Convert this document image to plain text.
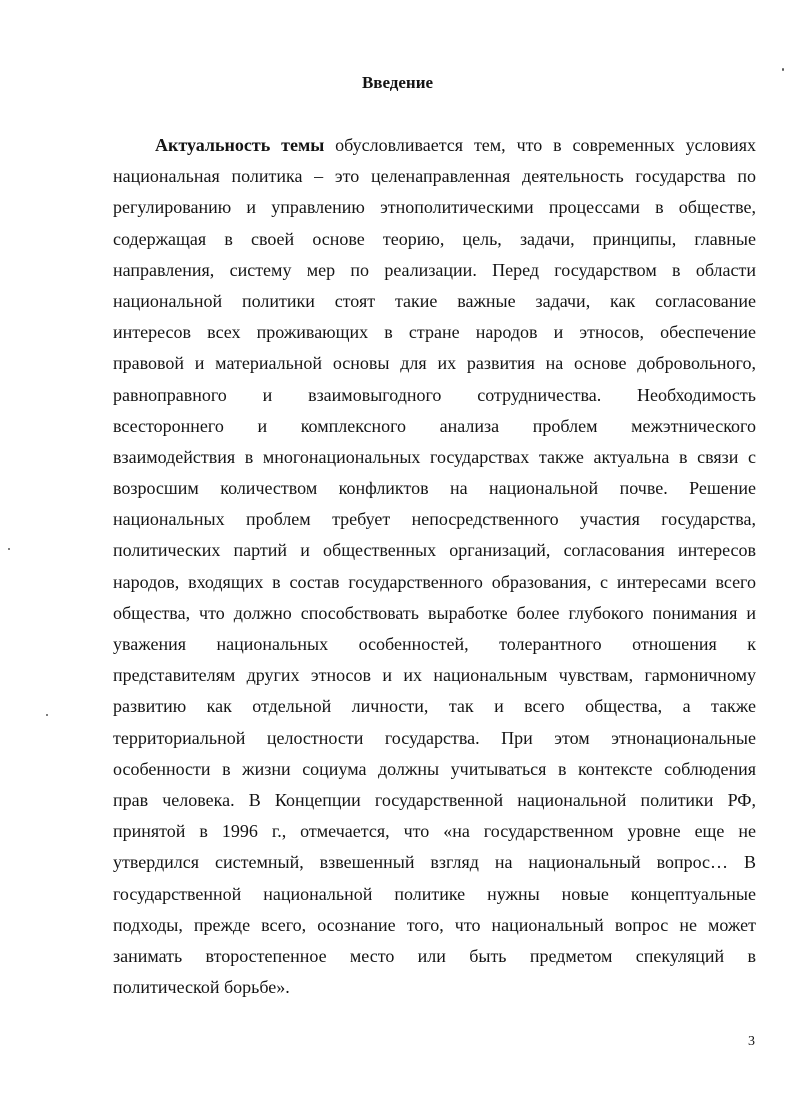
Введение
Актуальность темы обусловливается тем, что в современных условиях
национальная политика – это целенаправленная деятельность государства по
регулированию и управлению этнополитическими процессами в обществе,
содержащая в своей основе теорию, цель, задачи, принципы, главные
направления, систему мер по реализации. Перед государством в области
национальной политики стоят такие важные задачи, как согласование
интересов всех проживающих в стране народов и этносов, обеспечение
правовой и материальной основы для их развития на основе добровольного,
равноправного и взаимовыгодного сотрудничества. Необходимость
всестороннего и комплексного анализа проблем межэтнического
взаимодействия в многонациональных государствах также актуальна в связи с
возросшим количеством конфликтов на национальной почве. Решение
национальных проблем требует непосредственного участия государства,
политических партий и общественных организаций, согласования интересов
народов, входящих в состав государственного образования, с интересами всего
общества, что должно способствовать выработке более глубокого понимания и
уважения национальных особенностей, толерантного отношения к
представителям других этносов и их национальным чувствам, гармоничному
развитию как отдельной личности, так и всего общества, а также
территориальной целостности государства. При этом этнонациональные
особенности в жизни социума должны учитываться в контексте соблюдения
прав человека. В Концепции государственной национальной политики РФ,
принятой в 1996 г., отмечается, что «на государственном уровне еще не
утвердился системный, взвешенный взгляд на национальный вопрос… В
государственной национальной политике нужны новые концептуальные
подходы, прежде всего, осознание того, что национальный вопрос не может
занимать второстепенное место или быть предметом спекуляций в
политической борьбе».
3
